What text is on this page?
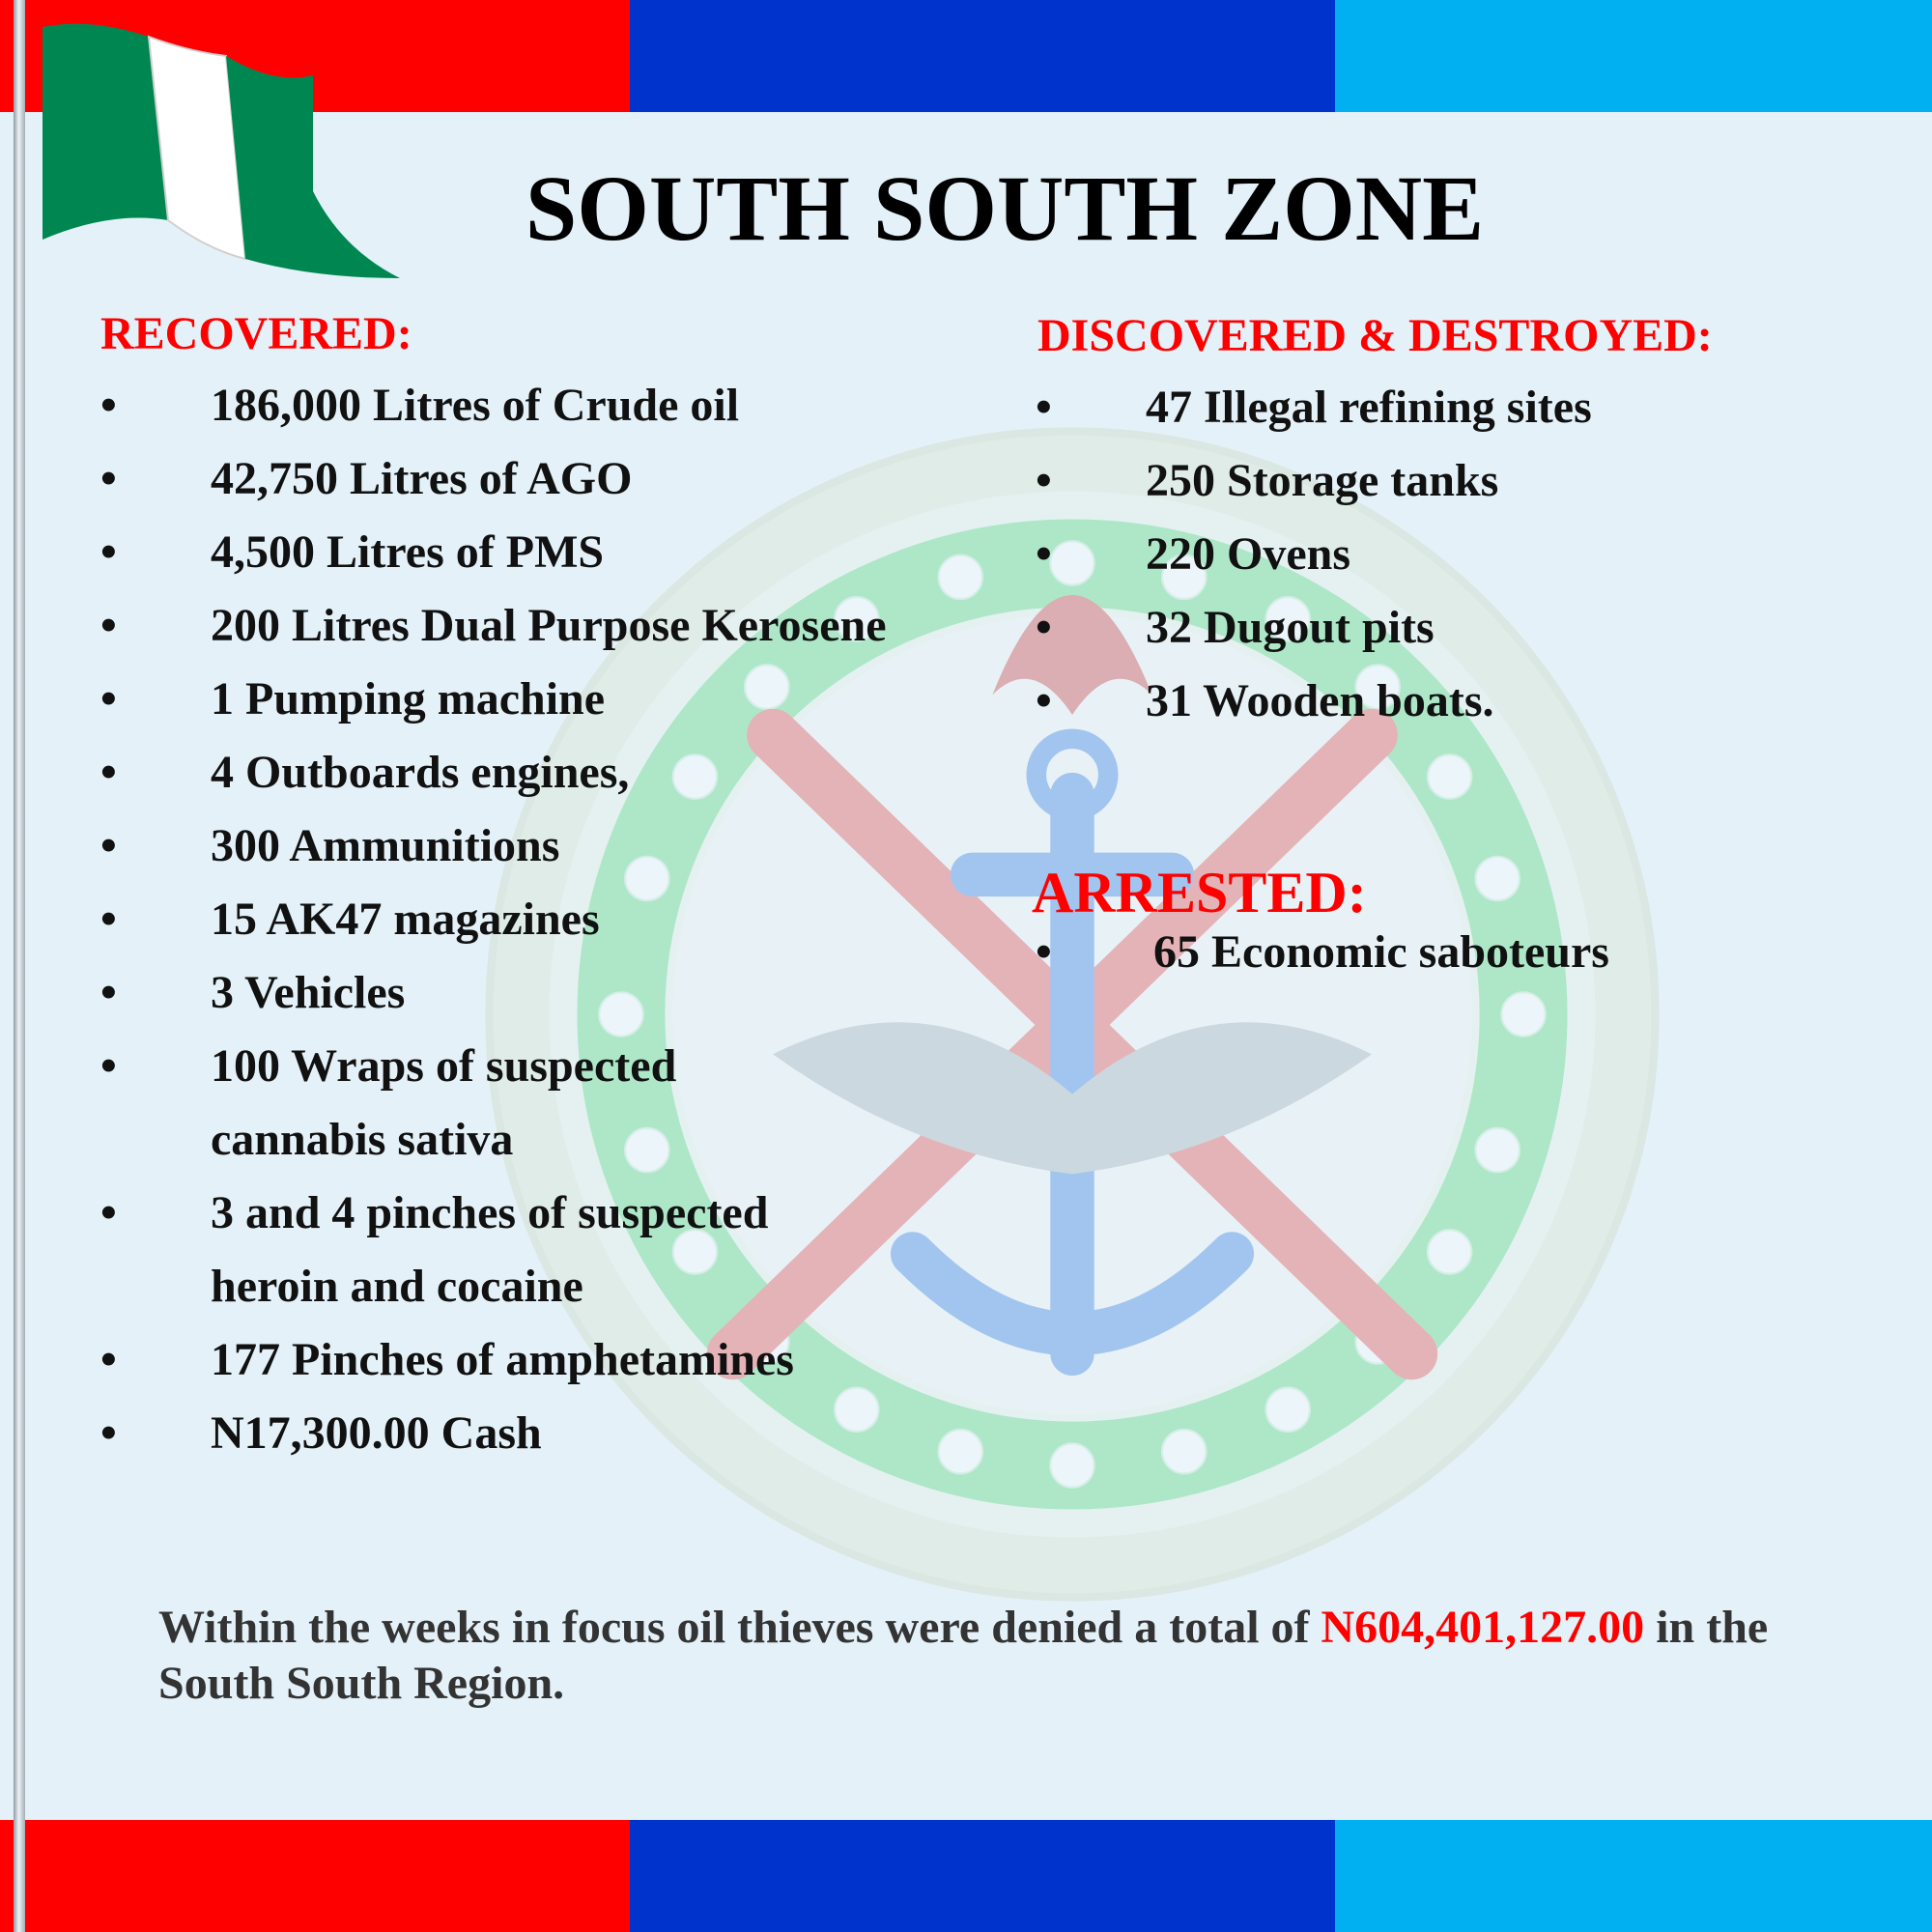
SOUTH SOUTH ZONE
RECOVERED:
•	186,000 Litres of Crude oil
•	42,750 Litres of AGO
•	4,500 Litres of PMS
•	200 Litres Dual Purpose Kerosene
•	1 Pumping machine
•	4 Outboards engines,
•	300 Ammunitions
•	15 AK47 magazines
•	3 Vehicles
•	100 Wraps of suspected cannabis sativa
•	3 and 4 pinches of suspected heroin and cocaine
•	177 Pinches of amphetamines
•	N17,300.00 Cash
DISCOVERED & DESTROYED:
•	47 Illegal refining sites
•	250 Storage tanks
•	220 Ovens
•	32 Dugout pits
•	31 Wooden boats.
ARRESTED:
•	65 Economic saboteurs

Within the weeks in focus oil thieves were denied a total of N604,401,127.00 in the South South Region.
